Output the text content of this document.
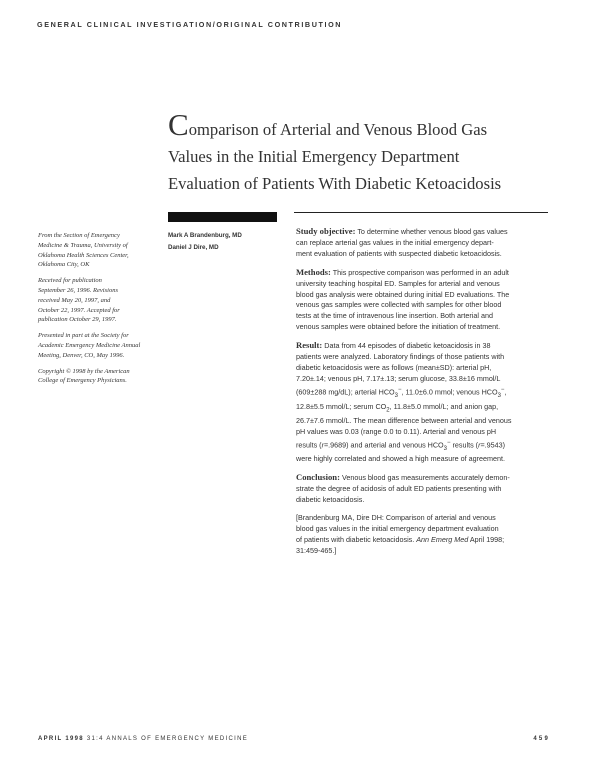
GENERAL CLINICAL INVESTIGATION/ORIGINAL CONTRIBUTION
Comparison of Arterial and Venous Blood Gas
Values in the Initial Emergency Department
Evaluation of Patients With Diabetic Ketoacidosis

From the Section of Emergency
Medicine & Trauma, University of
Oklahoma Health Sciences Center,
Oklahoma City, OK

Received for publication
September 26, 1996. Revisions
received May 20, 1997, and
October 22, 1997. Accepted for
publication October 29, 1997.

Presented in part at the Society for
Academic Emergency Medicine Annual
Meeting, Denver, CO, May 1996.

Copyright © 1998 by the American
College of Emergency Physicians.

Mark A Brandenburg, MD
Daniel J Dire, MD

Study objective: To determine whether venous blood gas values
can replace arterial gas values in the initial emergency depart-
ment evaluation of patients with suspected diabetic ketoacidosis.

Methods: This prospective comparison was performed in an adult
university teaching hospital ED. Samples for arterial and venous
blood gas analysis were obtained during initial ED evaluations. The
venous gas samples were collected with samples for other blood
tests at the time of intravenous line insertion. Both arterial and
venous samples were obtained before the initiation of treatment.

Result: Data from 44 episodes of diabetic ketoacidosis in 38
patients were analyzed. Laboratory findings of those patients with
diabetic ketoacidosis were as follows (mean±SD): arterial pH,
7.20±.14; venous pH, 7.17±.13; serum glucose, 33.8±16 mmol/L
(609±288 mg/dL); arterial $HCO_3^-$, 11.0±6.0 mmol; venous $HCO_3^-$,
12.8±5.5 mmol/L; serum $CO_2$, 11.8±5.0 mmol/L; and anion gap,
26.7±7.6 mmol/L. The mean difference between arterial and venous
pH values was 0.03 (range 0.0 to 0.11). Arterial and venous pH
results (r=.9689) and arterial and venous $HCO_3^-$ results (r=.9543)
were highly correlated and showed a high measure of agreement.

Conclusion: Venous blood gas measurements accurately demon-
strate the degree of acidosis of adult ED patients presenting with
diabetic ketoacidosis.

[Brandenburg MA, Dire DH: Comparison of arterial and venous
blood gas values in the initial emergency department evaluation
of patients with diabetic ketoacidosis. Ann Emerg Med April 1998;
31:459-465.]

APRIL 1998 31:4 ANNALS OF EMERGENCY MEDICINE	459
